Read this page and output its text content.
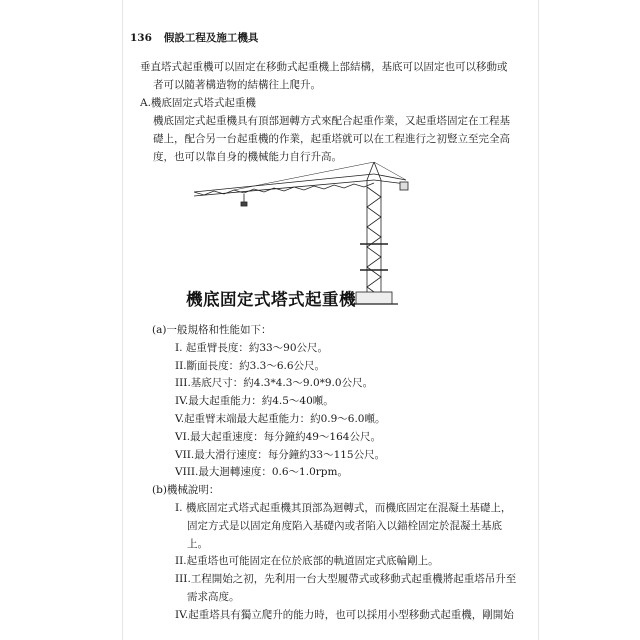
136 假設工程及施工機具

垂直塔式起重機可以固定在移動式起重機上部結構，基底可以固定也可以移動或

者可以隨著構造物的結構往上爬升。

A.機底固定式塔式起重機

機底固定式起重機具有頂部迴轉方式來配合起重作業，又起重塔固定在工程基

礎上，配合另一台起重機的作業，起重塔就可以在工程進行之初豎立至完全高

度，也可以靠自身的機械能力自行升高。

機底固定式塔式起重機

(a)一般規格和性能如下：

I. 起重臂長度：約33～90公尺。

II.斷面長度：約3.3～6.6公尺。

III.基底尺寸：約4.3*4.3～9.0*9.0公尺。

IV.最大起重能力：約4.5～40噸。

V.起重臂末端最大起重能力：約0.9～6.0噸。

VI.最大起重速度：每分鐘約49～164公尺。

VII.最大滑行速度：每分鐘約33～115公尺。

VIII.最大迴轉速度：0.6～1.0rpm。

(b)機械說明：

I. 機底固定式塔式起重機其頂部為迴轉式，而機底固定在混凝土基礎上，

固定方式是以固定角度陷入基礎內或者陷入以錨栓固定於混凝土基底

上。

II.起重塔也可能固定在位於底部的軌道固定式底輪剛上。

III.工程開始之初，先利用一台大型履帶式或移動式起重機將起重塔吊升至

需求高度。

IV.起重塔具有獨立爬升的能力時，也可以採用小型移動式起重機，剛開始
